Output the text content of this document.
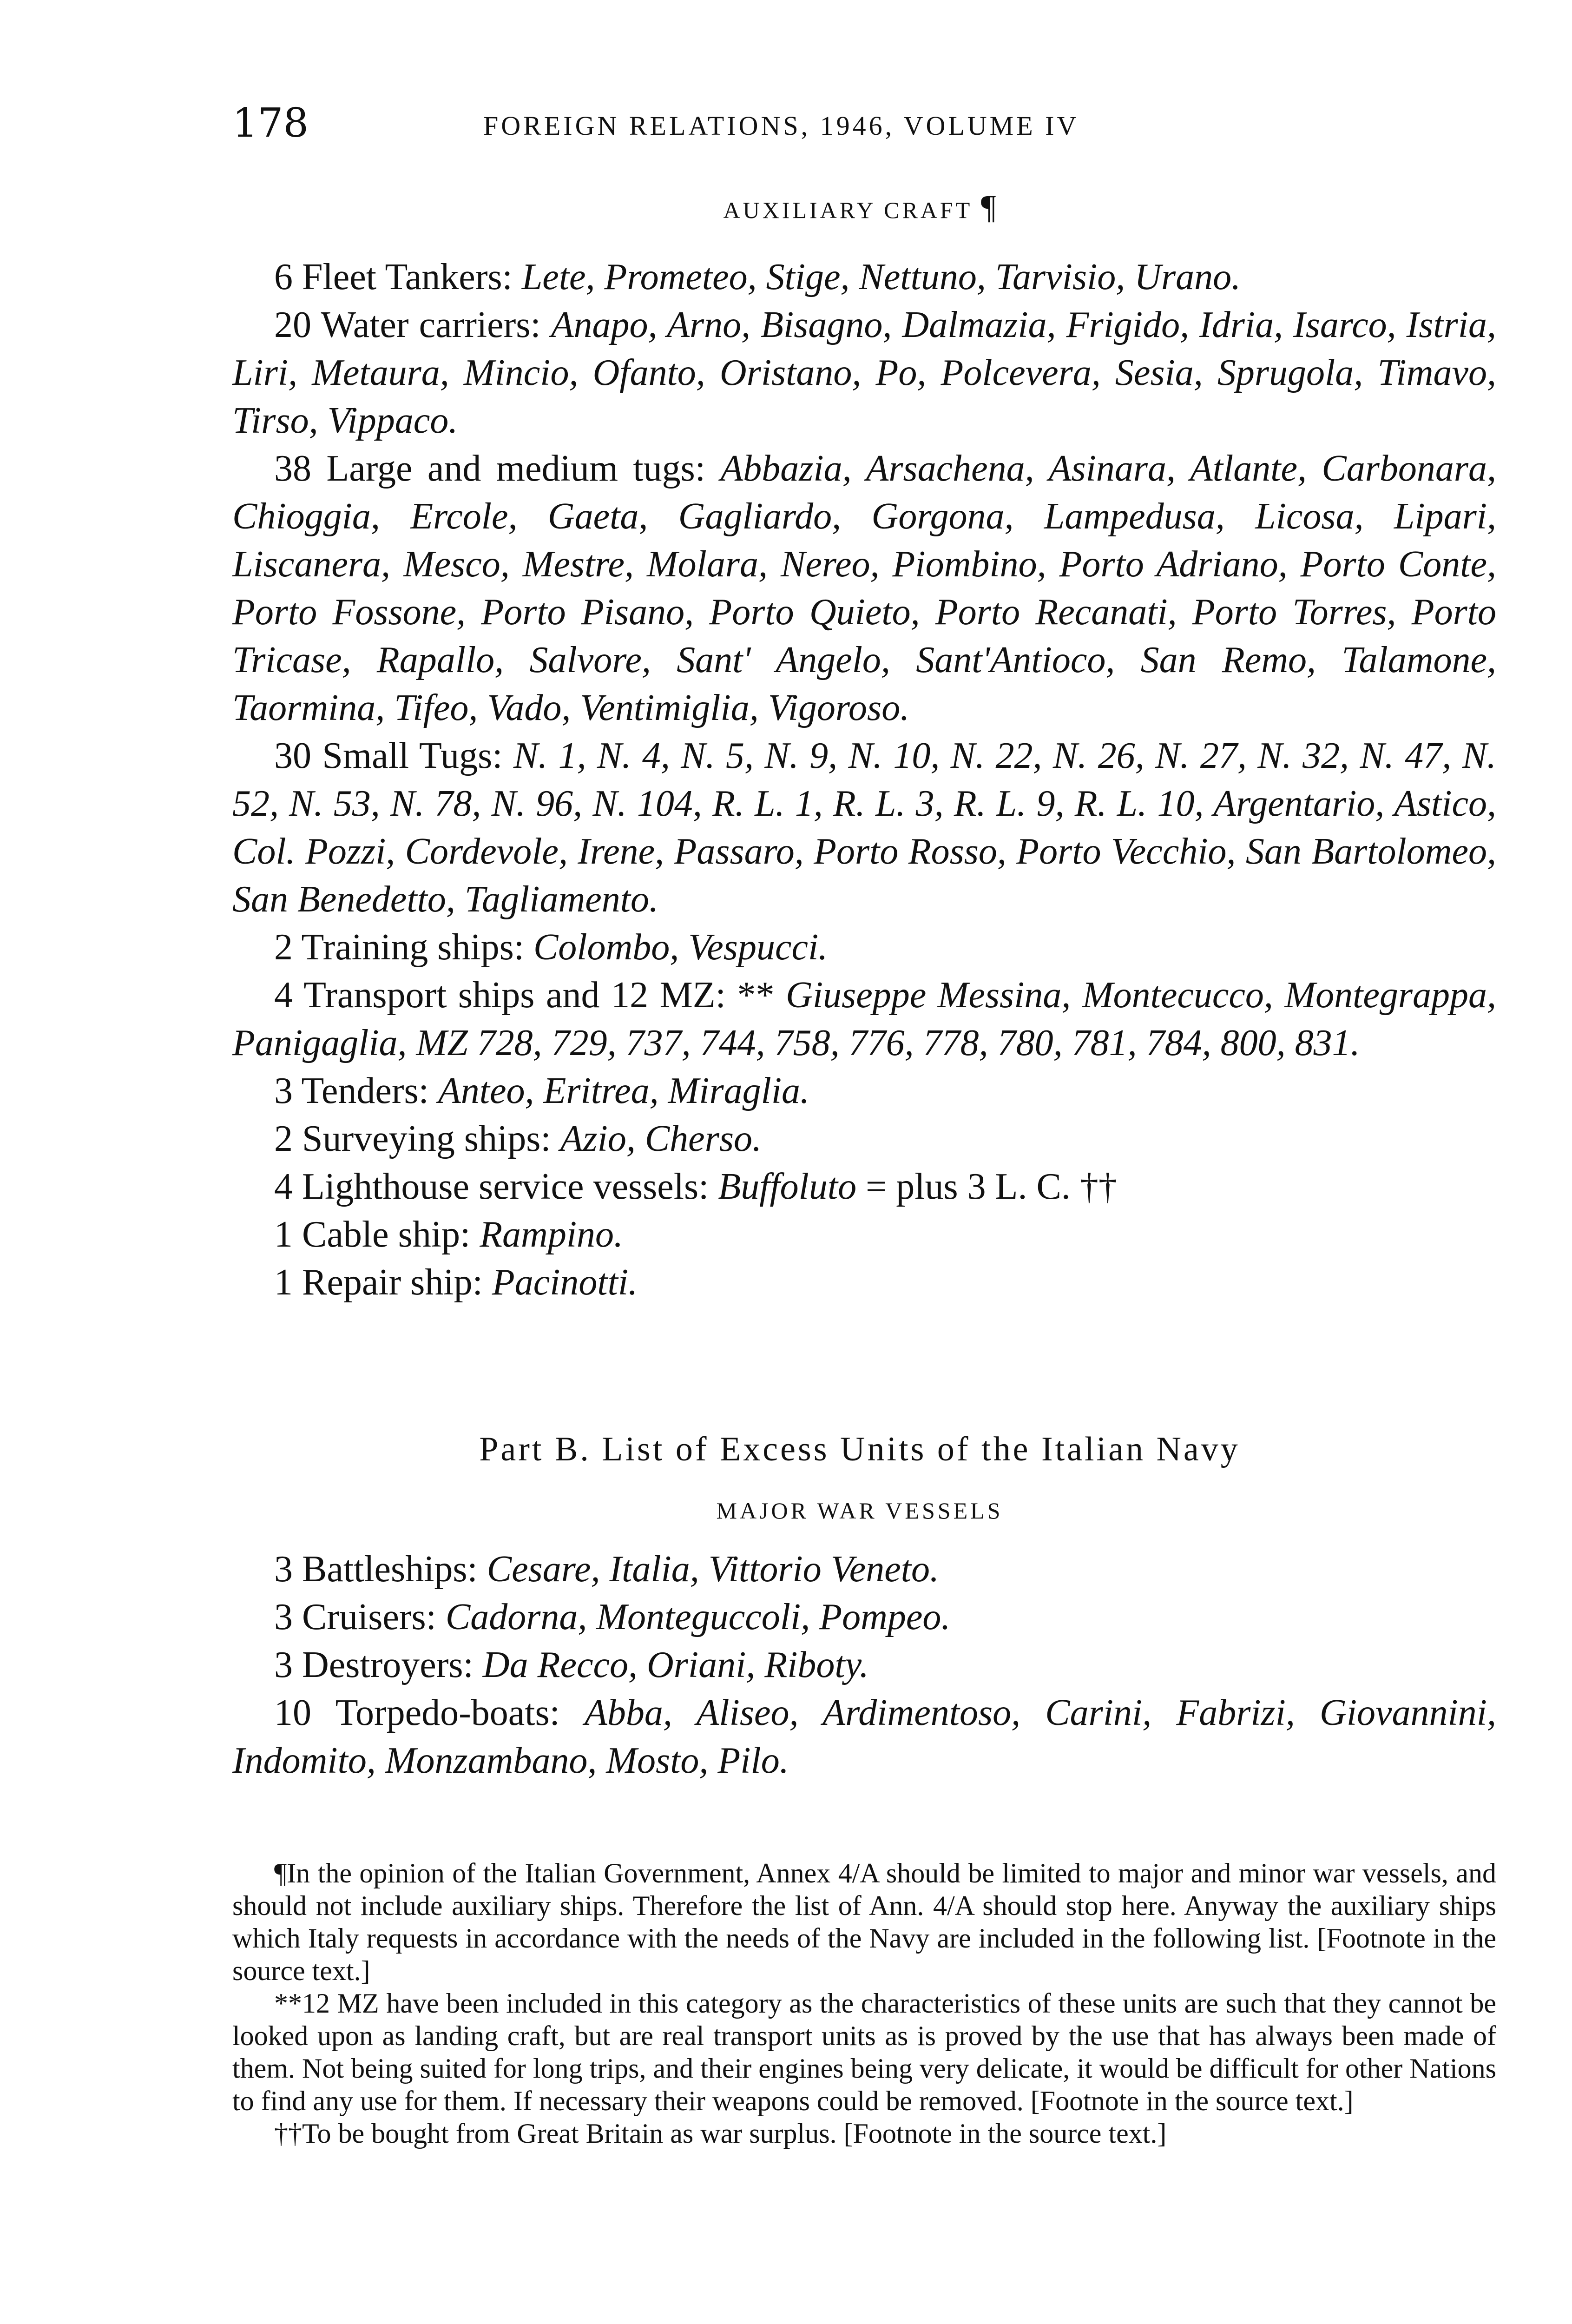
178	FOREIGN RELATIONS, 1946, VOLUME IV
AUXILIARY CRAFT ¶

6 Fleet Tankers: Lete, Prometeo, Stige, Nettuno, Tarvisio, Urano.

20 Water carriers: Anapo, Arno, Bisagno, Dalmazia, Frigido, Idria, Isarco, Istria, Liri, Metaura, Mincio, Ofanto, Oristano, Po, Polcevera, Sesia, Sprugola, Timavo, Tirso, Vippaco.

38 Large and medium tugs: Abbazia, Arsachena, Asinara, Atlante, Carbonara, Chioggia, Ercole, Gaeta, Gagliardo, Gorgona, Lampedusa, Licosa, Lipari, Liscanera, Mesco, Mestre, Molara, Nereo, Piombino, Porto Adriano, Porto Conte, Porto Fossone, Porto Pisano, Porto Quieto, Porto Recanati, Porto Torres, Porto Tricase, Rapallo, Salvore, Sant' Angelo, Sant'Antioco, San Remo, Talamone, Taormina, Tifeo, Vado, Ventimiglia, Vigoroso.

30 Small Tugs: N. 1, N. 4, N. 5, N. 9, N. 10, N. 22, N. 26, N. 27, N. 32, N. 47, N. 52, N. 53, N. 78, N. 96, N. 104, R. L. 1, R. L. 3, R. L. 9, R. L. 10, Argentario, Astico, Col. Pozzi, Cordevole, Irene, Passaro, Porto Rosso, Porto Vecchio, San Bartolomeo, San Benedetto, Tagliamento.

2 Training ships: Colombo, Vespucci.

4 Transport ships and 12 MZ: ** Giuseppe Messina, Montecucco, Montegrappa, Panigaglia, MZ 728, 729, 737, 744, 758, 776, 778, 780, 781, 784, 800, 831.

3 Tenders: Anteo, Eritrea, Miraglia.

2 Surveying ships: Azio, Cherso.

4 Lighthouse service vessels: Buffoluto = plus 3 L. C. ††

1 Cable ship: Rampino.

1 Repair ship: Pacinotti.

Part B. List of Excess Units of the Italian Navy
MAJOR WAR VESSELS

3 Battleships: Cesare, Italia, Vittorio Veneto.

3 Cruisers: Cadorna, Monteguccoli, Pompeo.

3 Destroyers: Da Recco, Oriani, Riboty.

10 Torpedo-boats: Abba, Aliseo, Ardimentoso, Carini, Fabrizi, Giovannini, Indomito, Monzambano, Mosto, Pilo.

¶In the opinion of the Italian Government, Annex 4/A should be limited to major and minor war vessels, and should not include auxiliary ships. Therefore the list of Ann. 4/A should stop here. Anyway the auxiliary ships which Italy requests in accordance with the needs of the Navy are included in the following list. [Footnote in the source text.]

**12 MZ have been included in this category as the characteristics of these units are such that they cannot be looked upon as landing craft, but are real transport units as is proved by the use that has always been made of them. Not being suited for long trips, and their engines being very delicate, it would be difficult for other Nations to find any use for them. If necessary their weapons could be removed. [Footnote in the source text.]

††To be bought from Great Britain as war surplus. [Footnote in the source text.]
